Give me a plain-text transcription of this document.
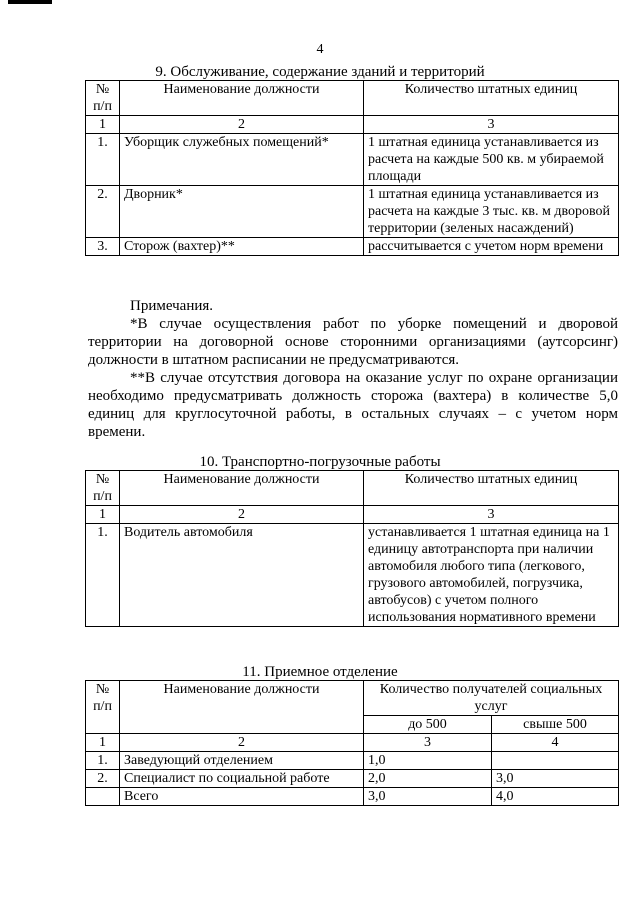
4
9. Обслуживание, содержание зданий и территорий
№ п/п	Наименование должности	Количество штатных единиц
1	2	3
1.	Уборщик служебных помещений*	1 штатная единица устанавливается из расчета на каждые 500 кв. м убираемой площади
2.	Дворник*	1 штатная единица устанавливается из расчета на каждые 3 тыс. кв. м дворовой территории (зеленых насаждений)
3.	Сторож (вахтер)**	рассчитывается с учетом норм времени

Примечания.

*В случае осуществления работ по уборке помещений и дворовой территории на договорной основе сторонними организациями (аутсорсинг) должности в штатном расписании не предусматриваются.

**В случае отсутствия договора на оказание услуг по охране организации необходимо предусматривать должность сторожа (вахтера) в количестве 5,0 единиц для круглосуточной работы, в остальных случаях – с учетом норм времени.

10. Транспортно-погрузочные работы
№ п/п	Наименование должности	Количество штатных единиц
1	2	3
1.	Водитель автомобиля	устанавливается 1 штатная единица на 1 единицу автотранспорта при наличии автомобиля любого типа (легкового, грузового автомобилей, погрузчика, автобусов) с учетом полного использования нормативного времени
11. Приемное отделение
№ п/п	Наименование должности	Количество получателей социальных услуг	
		до 500	свыше 500
1	2	3	4
1.	Заведующий отделением	1,0	
2.	Специалист по социальной работе	2,0	3,0
	Всего	3,0	4,0
